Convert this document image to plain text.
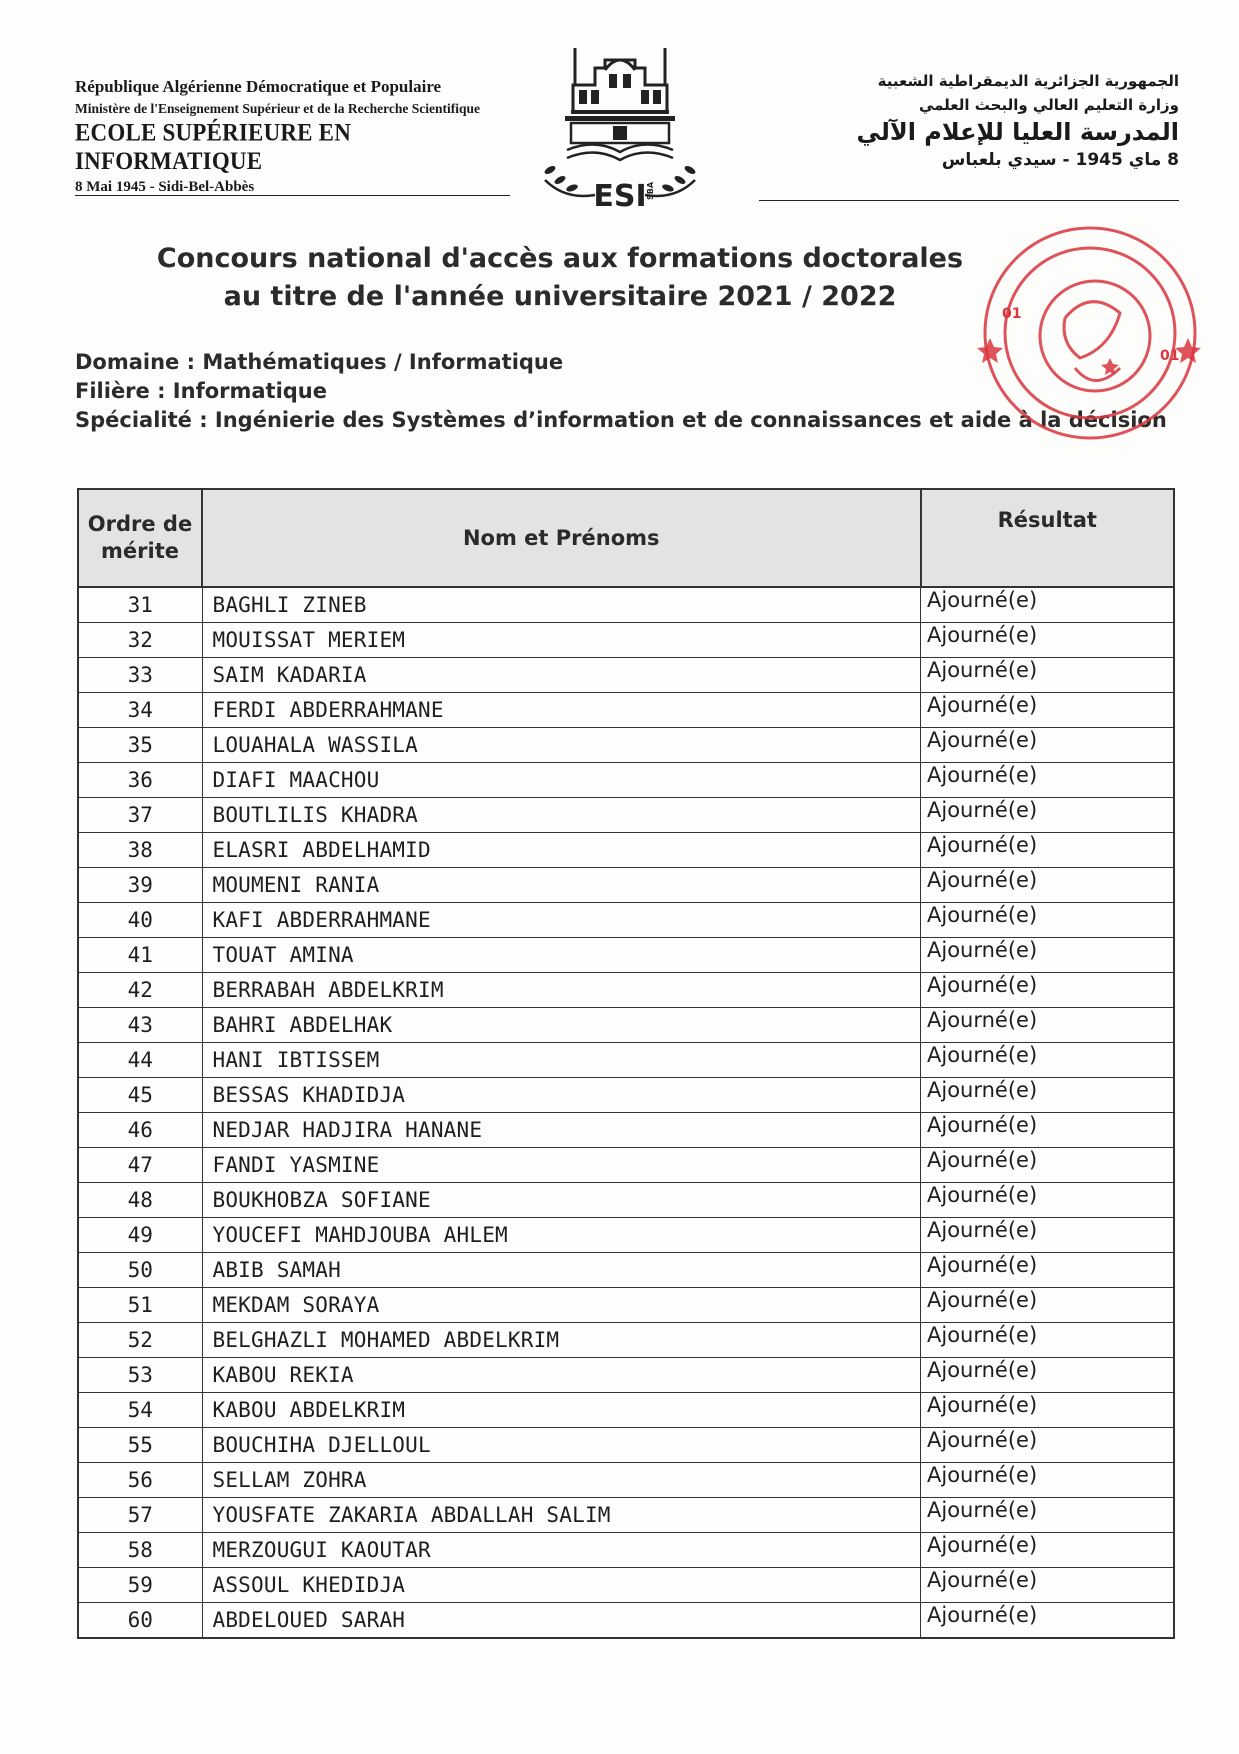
République Algérienne Démocratique et Populaire
Ministère de l'Enseignement Supérieur et de la Recherche Scientifique
ECOLE SUPÉRIEURE EN INFORMATIQUE
8 Mai 1945 - Sidi-Bel-Abbès	ESI SBA
الجمهورية الجزائرية الديمقراطية الشعبية
وزارة التعليم العالي والبحث العلمي
المدرسة العليا للإعلام الآلي
8 ماي 1945 - سيدي بلعباس
Concours national d'accès aux formations doctorales
au titre de l'année universitaire 2021 / 2022
Domaine : Mathématiques / Informatique
Filière : Informatique
Spécialité : Ingénierie des Systèmes d’information et de connaissances et aide à la décision
01
01
Ordre de mérite	Nom et Prénoms	Résultat
31	BAGHLI ZINEB	Ajourné(e)
32	MOUISSAT MERIEM	Ajourné(e)
33	SAIM KADARIA	Ajourné(e)
34	FERDI ABDERRAHMANE	Ajourné(e)
35	LOUAHALA WASSILA	Ajourné(e)
36	DIAFI MAACHOU	Ajourné(e)
37	BOUTLILIS KHADRA	Ajourné(e)
38	ELASRI ABDELHAMID	Ajourné(e)
39	MOUMENI RANIA	Ajourné(e)
40	KAFI ABDERRAHMANE	Ajourné(e)
41	TOUAT AMINA	Ajourné(e)
42	BERRABAH ABDELKRIM	Ajourné(e)
43	BAHRI ABDELHAK	Ajourné(e)
44	HANI IBTISSEM	Ajourné(e)
45	BESSAS KHADIDJA	Ajourné(e)
46	NEDJAR HADJIRA HANANE	Ajourné(e)
47	FANDI YASMINE	Ajourné(e)
48	BOUKHOBZA SOFIANE	Ajourné(e)
49	YOUCEFI MAHDJOUBA AHLEM	Ajourné(e)
50	ABIB SAMAH	Ajourné(e)
51	MEKDAM SORAYA	Ajourné(e)
52	BELGHAZLI MOHAMED ABDELKRIM	Ajourné(e)
53	KABOU REKIA	Ajourné(e)
54	KABOU ABDELKRIM	Ajourné(e)
55	BOUCHIHA DJELLOUL	Ajourné(e)
56	SELLAM ZOHRA	Ajourné(e)
57	YOUSFATE ZAKARIA ABDALLAH SALIM	Ajourné(e)
58	MERZOUGUI KAOUTAR	Ajourné(e)
59	ASSOUL KHEDIDJA	Ajourné(e)
60	ABDELOUED SARAH	Ajourné(e)
